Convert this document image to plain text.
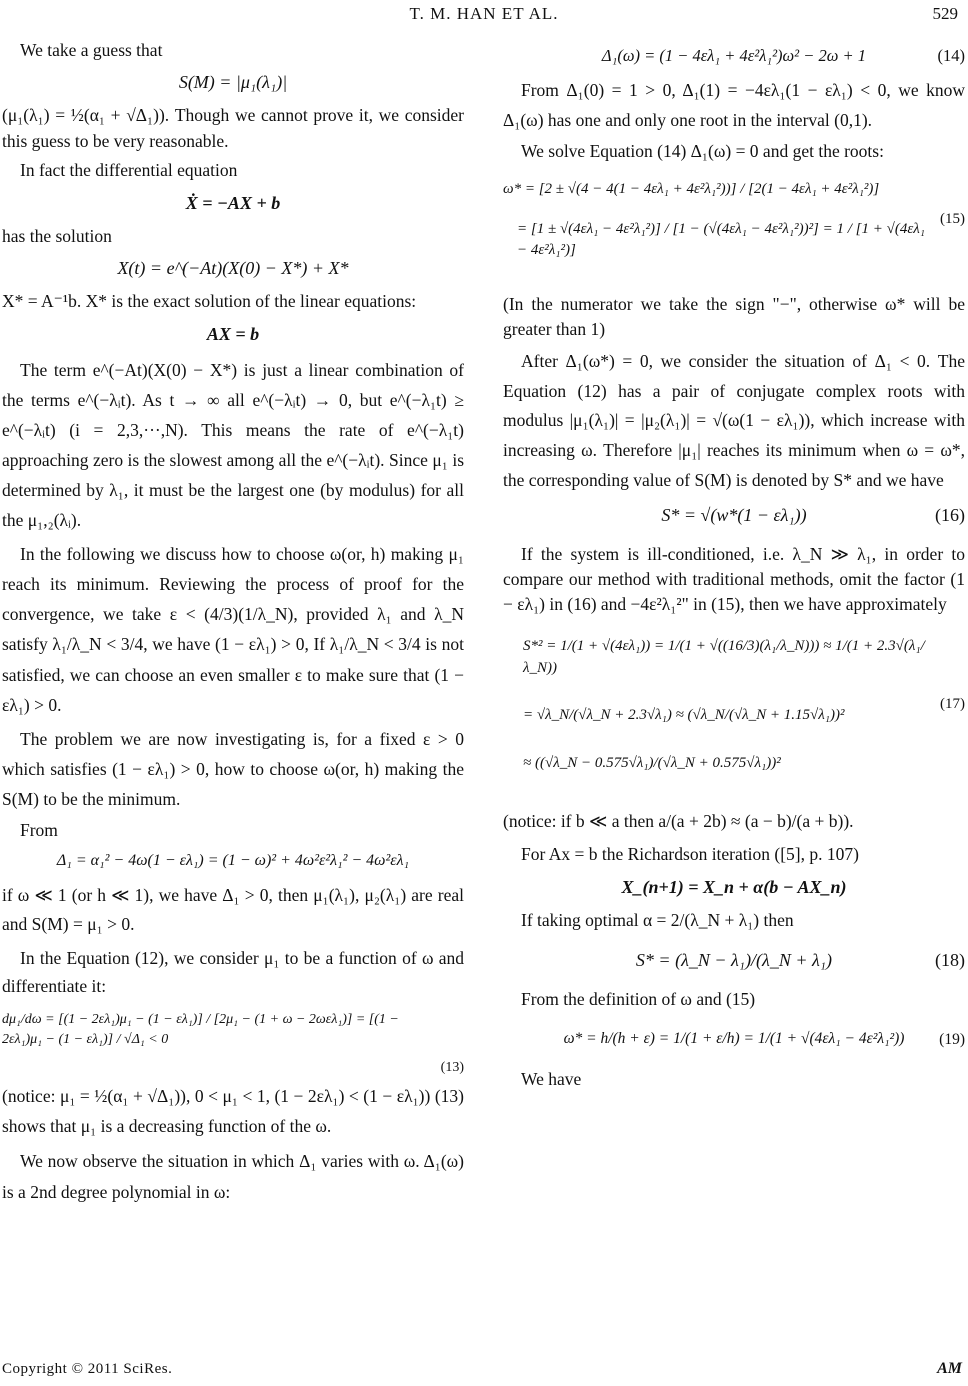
T. M. HAN ET AL.	529

We take a guess that

S(M) = |μ₁(λ₁)|

(μ₁(λ₁) = ½(α₁ + √Δ₁)). Though we cannot prove it, we consider this guess to be very reasonable.

In fact the differential equation

Ẋ = −AX + b

has the solution

X(t) = e^(−At)(X(0) − X*) + X*

X* = A⁻¹b. X* is the exact solution of the linear equations:

AX = b

The term e^(−At)(X(0) − X*) is just a linear combination of the terms e^(−λᵢt). As t → ∞ all e^(−λᵢt) → 0, but e^(−λ₁t) ≥ e^(−λᵢt) (i = 2,3,···,N). This means the rate of e^(−λ₁t) approaching zero is the slowest among all the e^(−λᵢt). Since μ₁ is determined by λ₁, it must be the largest one (by modulus) for all the μ₁,₂(λᵢ).

In the following we discuss how to choose ω(or, h) making μ₁ reach its minimum. Reviewing the process of proof for the convergence, we take ε < (4/3)(1/λ_N), provided λ₁ and λ_N satisfy λ₁/λ_N < 3/4, we have (1 − ελ₁) > 0, If λ₁/λ_N < 3/4 is not satisfied, we can choose an even smaller ε to make sure that (1 − ελ₁) > 0.

The problem we are now investigating is, for a fixed ε > 0 which satisfies (1 − ελ₁) > 0, how to choose ω(or, h) making the S(M) to be the minimum.

From

Δ₁ = α₁² − 4ω(1 − ελ₁) = (1 − ω)² + 4ω²ε²λ₁² − 4ω²ελ₁

if ω ≪ 1 (or h ≪ 1), we have Δ₁ > 0, then μ₁(λ₁), μ₂(λ₁) are real and S(M) = μ₁ > 0.

In the Equation (12), we consider μ₁ to be a function of ω and differentiate it:

dμ₁/dω = [(1 − 2ελ₁)μ₁ − (1 − ελ₁)] / [2μ₁ − (1 + ω − 2ωελ₁)] = [(1 − 2ελ₁)μ₁ − (1 − ελ₁)] / √Δ₁ < 0
(13)

(notice: μ₁ = ½(α₁ + √Δ₁)), 0 < μ₁ < 1, (1 − 2ελ₁) < (1 − ελ₁)) (13) shows that μ₁ is a decreasing function of the ω.

We now observe the situation in which Δ₁ varies with ω. Δ₁(ω) is a 2nd degree polynomial in ω:

Δ₁(ω) = (1 − 4ελ₁ + 4ε²λ₁²)ω² − 2ω + 1	(14)

From Δ₁(0) = 1 > 0, Δ₁(1) = −4ελ₁(1 − ελ₁) < 0, we know Δ₁(ω) has one and only one root in the interval (0,1).

We solve Equation (14) Δ₁(ω) = 0 and get the roots:

ω* = [2 ± √(4 − 4(1 − 4ελ₁ + 4ε²λ₁²))] / [2(1 − 4ελ₁ + 4ε²λ₁²)]
= [1 ± √(4ελ₁ − 4ε²λ₁²)] / [1 − (√(4ελ₁ − 4ε²λ₁²))²] = 1 / [1 + √(4ελ₁ − 4ε²λ₁²)]
(15)

(In the numerator we take the sign "−", otherwise ω* will be greater than 1)

After Δ₁(ω*) = 0, we consider the situation of Δ₁ < 0. The Equation (12) has a pair of conjugate complex roots with modulus |μ₁(λ₁)| = |μ₂(λ₁)| = √(ω(1 − ελ₁)), which increase with increasing ω. Therefore |μ₁| reaches its minimum when ω = ω*, the corresponding value of S(M) is denoted by S* and we have

S* = √(w*(1 − ελ₁))	(16)

If the system is ill-conditioned, i.e. λ_N ≫ λ₁, in order to compare our method with traditional methods, omit the factor (1 − ελ₁) in (16) and −4ε²λ₁²" in (15), then we have approximately

S*² = 1/(1 + √(4ελ₁)) = 1/(1 + √((16/3)(λ₁/λ_N))) ≈ 1/(1 + 2.3√(λ₁/λ_N))
= √λ_N/(√λ_N + 2.3√λ₁) ≈ (√λ_N/(√λ_N + 1.15√λ₁))²
≈ ((√λ_N − 0.575√λ₁)/(√λ_N + 0.575√λ₁))²
(17)

(notice: if b ≪ a then a/(a + 2b) ≈ (a − b)/(a + b)).

For Ax = b the Richardson iteration ([5], p. 107)

X_(n+1) = X_n + α(b − AX_n)

If taking optimal α = 2/(λ_N + λ₁) then

S* = (λ_N − λ₁)/(λ_N + λ₁)	(18)

From the definition of ω and (15)

ω* = h/(h + ε) = 1/(1 + ε/h) = 1/(1 + √(4ελ₁ − 4ε²λ₁²)) (19)

We have

Copyright © 2011 SciRes.	AM
